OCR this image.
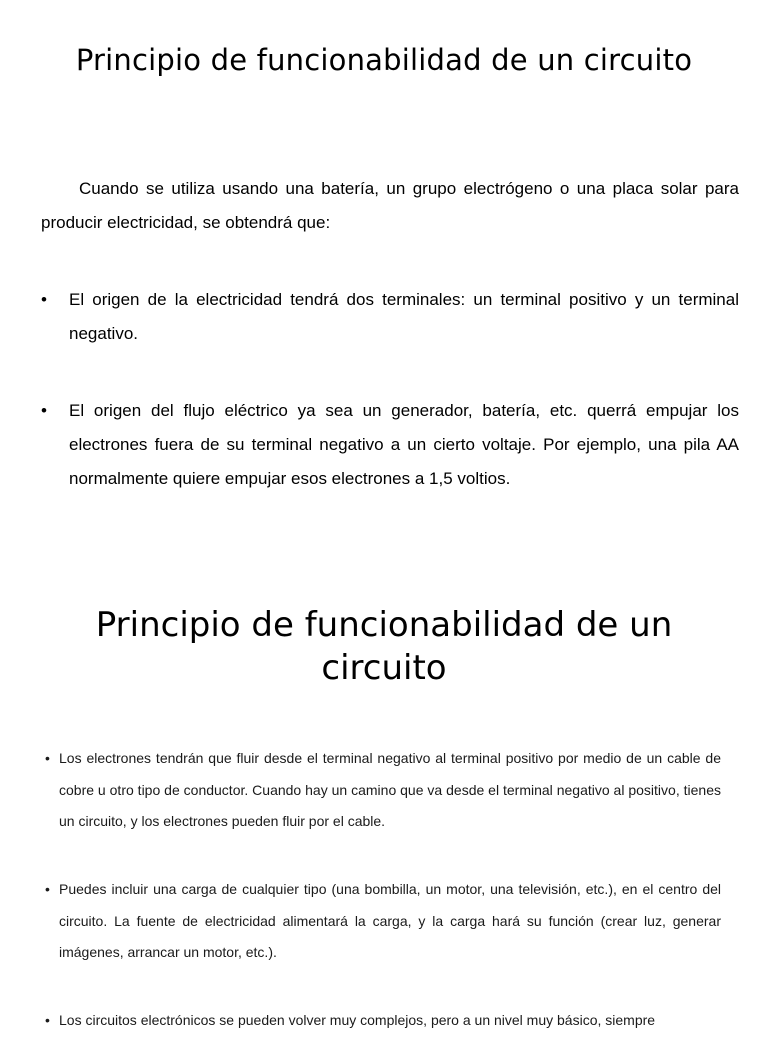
Principio de funcionabilidad de un circuito

Cuando se utiliza usando una batería, un grupo electrógeno o una placa solar para producir electricidad, se obtendrá que:

• El origen de la electricidad tendrá dos terminales: un terminal positivo y un terminal negativo.
• El origen del flujo eléctrico ya sea un generador, batería, etc. querrá empujar los electrones fuera de su terminal negativo a un cierto voltaje. Por ejemplo, una pila AA normalmente quiere empujar esos electrones a 1,5 voltios.
Principio de funcionabilidad de un circuito
• Los electrones tendrán que fluir desde el terminal negativo al terminal positivo por medio de un cable de cobre u otro tipo de conductor. Cuando hay un camino que va desde el terminal negativo al positivo, tienes un circuito, y los electrones pueden fluir por el cable.
• Puedes incluir una carga de cualquier tipo (una bombilla, un motor, una televisión, etc.), en el centro del circuito. La fuente de electricidad alimentará la carga, y la carga hará su función (crear luz, generar imágenes, arrancar un motor, etc.).
• Los circuitos electrónicos se pueden volver muy complejos, pero a un nivel muy básico, siempre
